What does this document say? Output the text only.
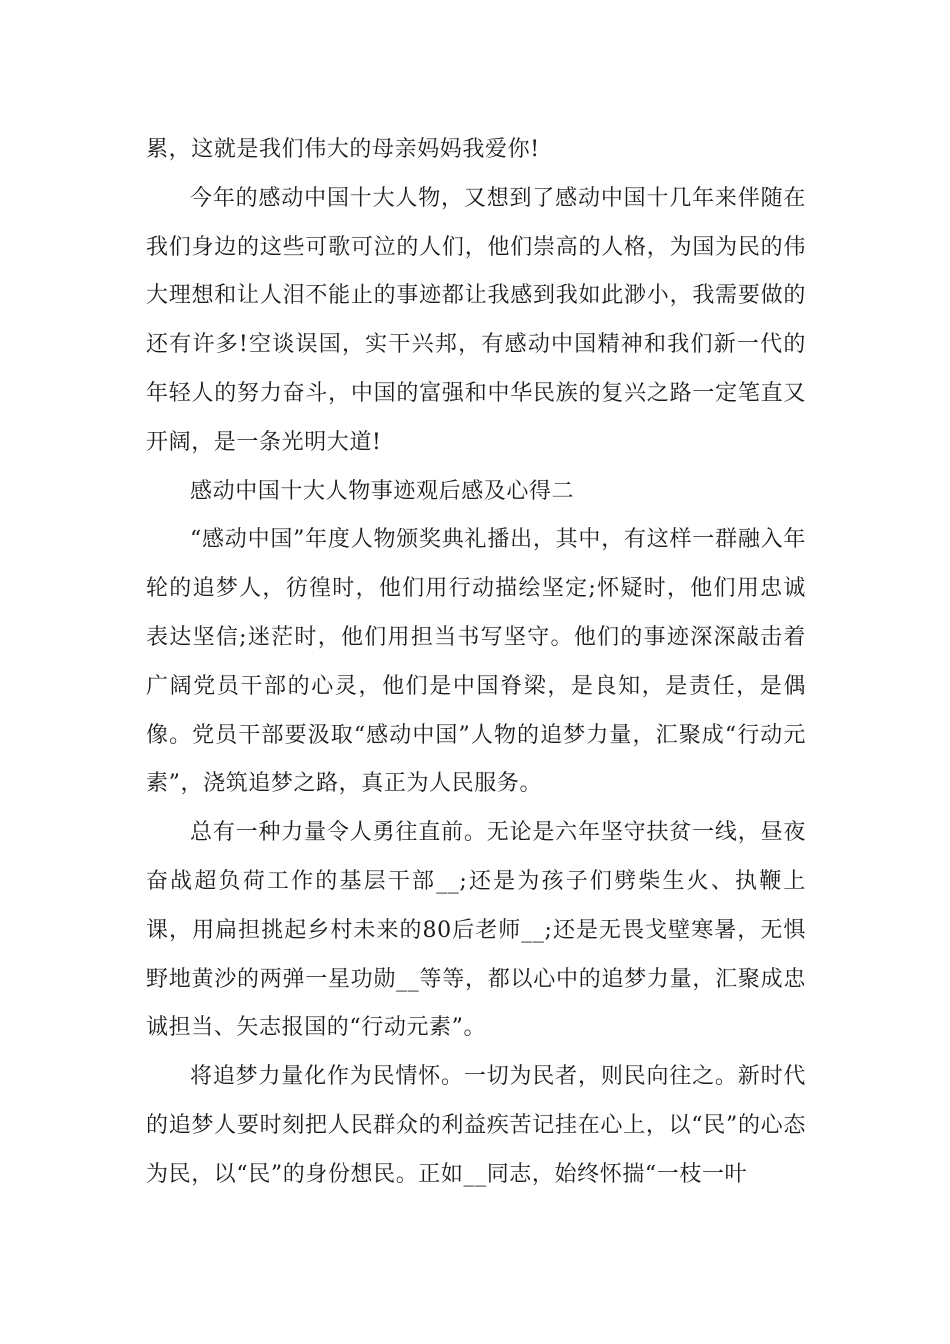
累，这就是我们伟大的母亲妈妈我爱你!

今年的感动中国十大人物，又想到了感动中国十几年来伴随在我们身边的这些可歌可泣的人们，他们崇高的人格，为国为民的伟大理想和让人泪不能止的事迹都让我感到我如此渺小，我需要做的还有许多!空谈误国，实干兴邦，有感动中国精神和我们新一代的年轻人的努力奋斗，中国的富强和中华民族的复兴之路一定笔直又开阔，是一条光明大道!

感动中国十大人物事迹观后感及心得二

“感动中国”年度人物颁奖典礼播出，其中，有这样一群融入年轮的追梦人，彷徨时，他们用行动描绘坚定;怀疑时，他们用忠诚表达坚信;迷茫时，他们用担当书写坚守。他们的事迹深深敲击着广阔党员干部的心灵，他们是中国脊梁，是良知，是责任，是偶像。党员干部要汲取“感动中国”人物的追梦力量，汇聚成“行动元素”，浇筑追梦之路，真正为人民服务。

总有一种力量令人勇往直前。无论是六年坚守扶贫一线，昼夜奋战超负荷工作的基层干部__;还是为孩子们劈柴生火、执鞭上课，用扁担挑起乡村未来的80后老师__;还是无畏戈壁寒暑，无惧野地黄沙的两弹一星功勋__等等，都以心中的追梦力量，汇聚成忠诚担当、矢志报国的“行动元素”。

将追梦力量化作为民情怀。一切为民者，则民向往之。新时代的追梦人要时刻把人民群众的利益疾苦记挂在心上，以“民”的心态为民，以“民”的身份想民。正如__同志，始终怀揣“一枝一叶
